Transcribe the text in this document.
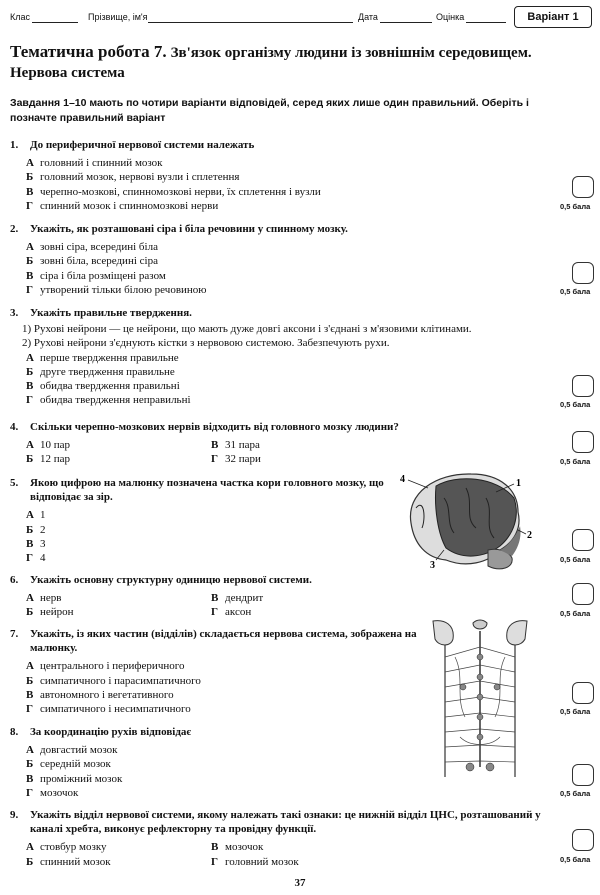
Клас	Прізвище, ім'я	Дата	Оцінка	Варіант 1
Тематична робота 7. Зв'язок організму людини із зовнішнім середовищем.
Нервова система
Завдання 1–10 мають по чотири варіанти відповідей, серед яких лише один правильний. Оберіть і позначте правильний варіант
1. До периферичної нервової системи належать
А головний і спинний мозок
Б головний мозок, нервові вузли і сплетення
В черепно-мозкові, спинномозкові нерви, їх сплетення і вузли
Г спинний мозок і спинномозкові нерви	0,5 бала
2. Укажіть, як розташовані сіра і біла речовини у спинному мозку.
А зовні сіра, всередині біла
Б зовні біла, всередині сіра
В сіра і біла розміщені разом
Г утворений тільки білою речовиною	0,5 бала
3. Укажіть правильне твердження.
1) Рухові нейрони — це нейрони, що мають дуже довгі аксони і з'єднані з м'язовими клітинами.
2) Рухові нейрони з'єднують кістки з нервовою системою. Забезпечують рухи.
А перше твердження правильне
Б друге твердження правильне
В обидва твердження правильні
Г обидва твердження неправильні	0,5 бала
4. Скільки черепно-мозкових нервів відходить від головного мозку людини?
А 10 пар	В 31 пара
Б 12 пар	Г 32 пари	0,5 бала
5.	Якою цифрою на малюнку позначена частка кори головного мозку, що відповідає за зір.
А 1
Б 2
В 3
Г 4
4	1
2
3
0,5 бала
6. Укажіть основну структурну одиницю нервової системи.
А нерв	В дендрит
Б нейрон	Г аксон	0,5 бала
7.	Укажіть, із яких частин (відділів) складається нервова система, зображена на малюнку.
А центрального і периферичного
Б симпатичного і парасимпатичного
В автономного і вегетативного
Г симпатичного і несимпатичного	0,5 бала
8. За координацію рухів відповідає
А довгастий мозок
Б середній мозок
В проміжний мозок
Г мозочок	0,5 бала
9.	Укажіть відділ нервової системи, якому належать такі ознаки: це нижній відділ ЦНС, розташований у каналі хребта, виконує рефлекторну та провідну функції.
А стовбур мозку	В мозочок
Б спинний мозок	Г головний мозок	0,5 бала
37
